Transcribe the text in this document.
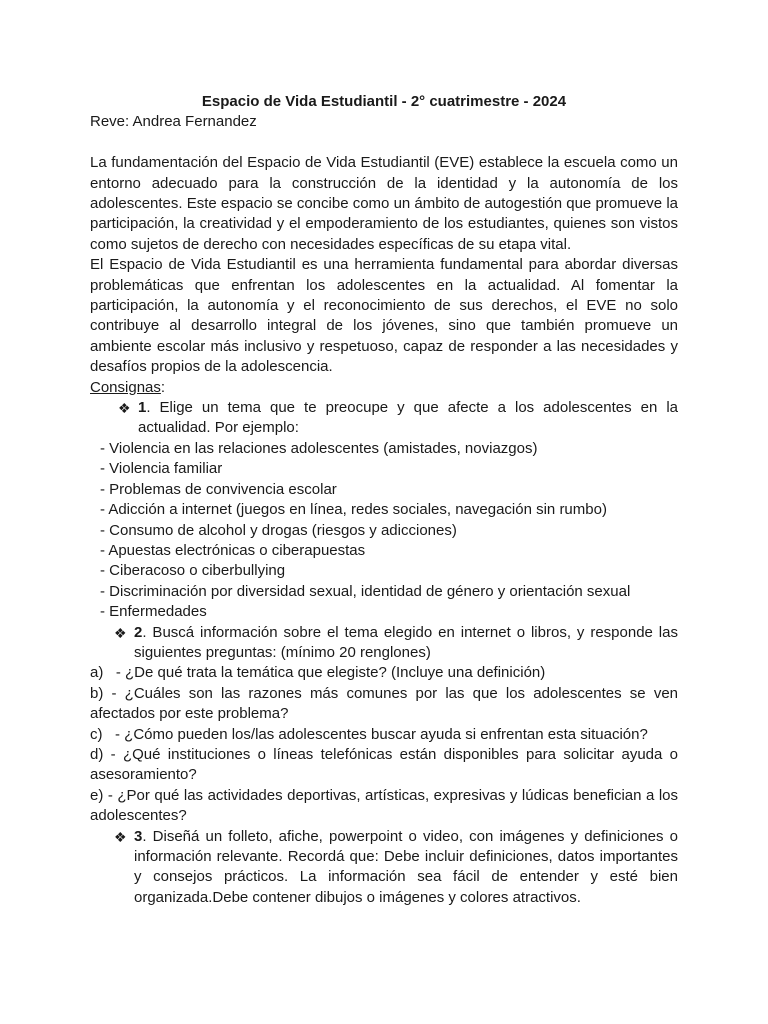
Espacio de Vida Estudiantil - 2° cuatrimestre - 2024

Reve: Andrea Fernandez

La fundamentación del Espacio de Vida Estudiantil (EVE) establece la escuela como un entorno adecuado para la construcción de la identidad y la autonomía de los adolescentes. Este espacio se concibe como un ámbito de autogestión que promueve la participación, la creatividad y el empoderamiento de los estudiantes, quienes son vistos como sujetos de derecho con necesidades específicas de su etapa vital.

El Espacio de Vida Estudiantil es una herramienta fundamental para abordar diversas problemáticas que enfrentan los adolescentes en la actualidad. Al fomentar la participación, la autonomía y el reconocimiento de sus derechos, el EVE no solo contribuye al desarrollo integral de los jóvenes, sino que también promueve un ambiente escolar más inclusivo y respetuoso, capaz de responder a las necesidades y desafíos propios de la adolescencia.

Consignas:

❖ 1. Elige un tema que te preocupe y que afecte a los adolescentes en la actualidad. Por ejemplo:

- Violencia en las relaciones adolescentes (amistades, noviazgos)

- Violencia familiar

- Problemas de convivencia escolar

- Adicción a internet (juegos en línea, redes sociales, navegación sin rumbo)

- Consumo de alcohol y drogas (riesgos y adicciones)

- Apuestas electrónicas o ciberapuestas

- Ciberacoso o ciberbullying

- Discriminación por diversidad sexual, identidad de género y orientación sexual

- Enfermedades

❖ 2. Buscá información sobre el tema elegido en internet o libros, y responde las siguientes preguntas: (mínimo 20 renglones)

a)   - ¿De qué trata la temática que elegiste? (Incluye una definición)

b) - ¿Cuáles son las razones más comunes por las que los adolescentes se ven afectados por este problema?

c)   - ¿Cómo pueden los/las adolescentes buscar ayuda si enfrentan esta situación?

d) - ¿Qué instituciones o líneas telefónicas están disponibles para solicitar ayuda o asesoramiento?

e) - ¿Por qué las actividades deportivas, artísticas, expresivas y lúdicas benefician a los adolescentes?

❖ 3. Diseñá un folleto, afiche, powerpoint o video, con imágenes y definiciones o información relevante. Recordá que: Debe incluir definiciones, datos importantes y consejos prácticos. La información sea fácil de entender y esté bien organizada.Debe contener dibujos o imágenes y colores atractivos.
